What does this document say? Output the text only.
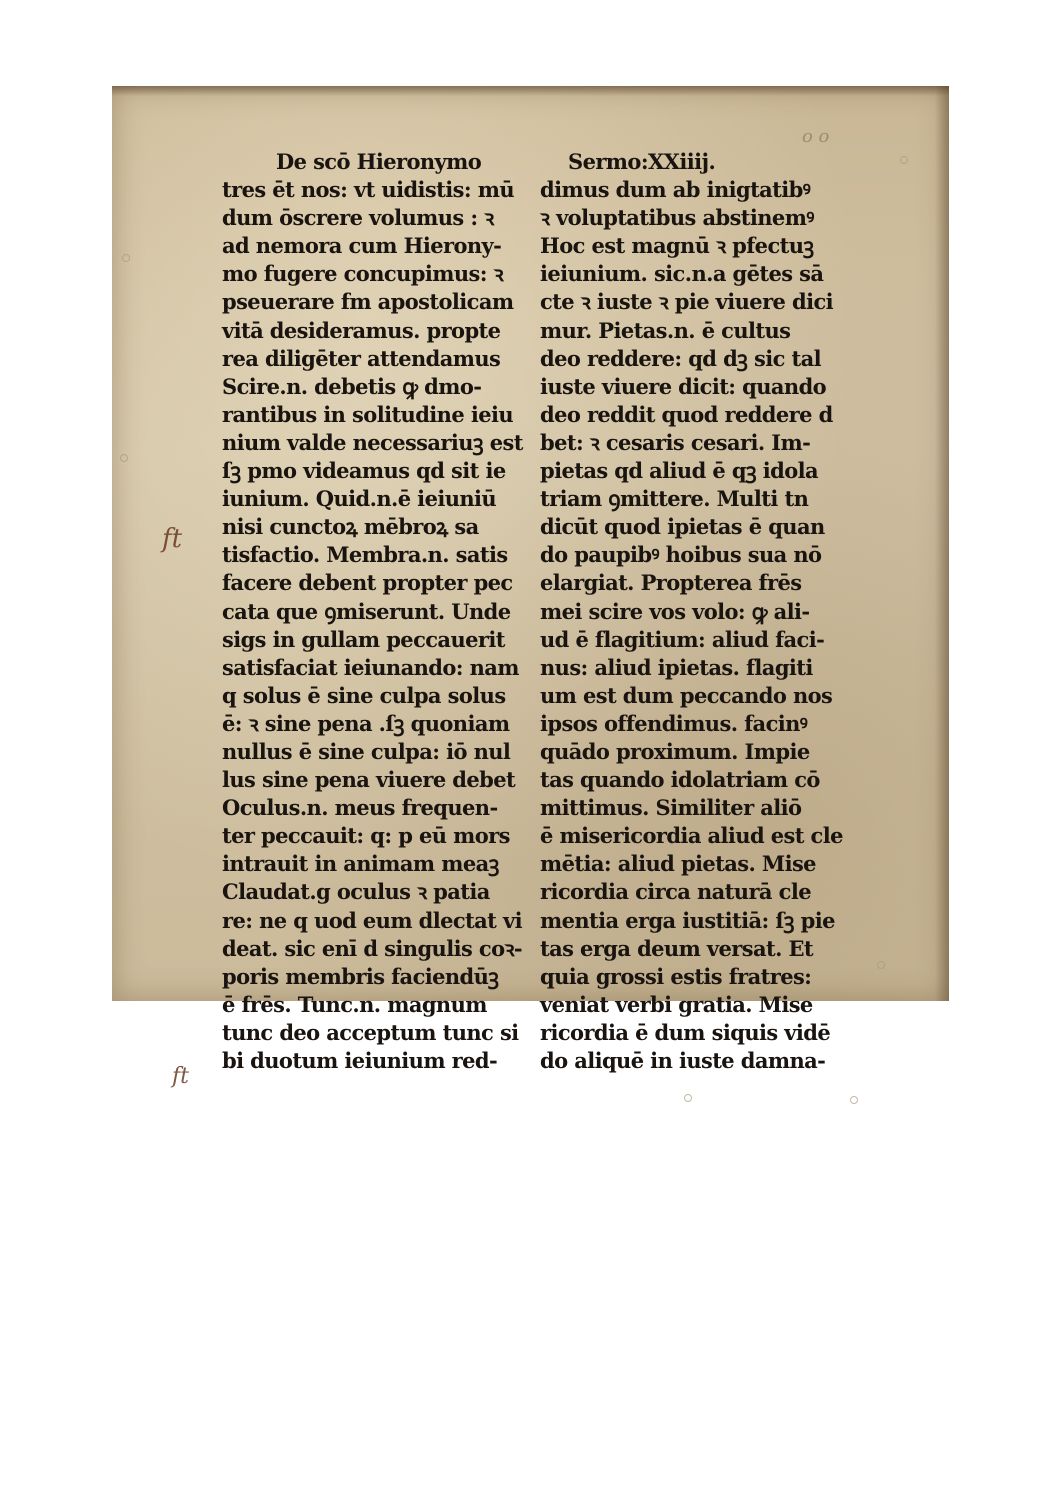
De scō Hieronymo
tres ēt nos: vt uidistis: mū
dum ōscrere volumus : ꝛ
ad nemora cum Hierony-
mo fugere concupimus: ꝛ
pseuerare fm apostolicam
vitā desideramus. propte
rea diligēter attendamus
Scire.n. debetis ꝙ dmo-
rantibus in solitudine ieiu
nium valde necessariuꝫ est
ſꝫ pmo videamus qd sit ie
iunium. Quid.n.ē ieiuniū
nisi cunctoꝝ mēbroꝝ sa
tisfactio. Membra.n. satis
facere debent propter pec
cata que ꝯmiserunt. Unde
sigs in gullam peccauerit
satisfaciat ieiunando: nam
q solus ē sine culpa solus
ē: ꝛ sine pena .ſꝫ quoniam
nullus ē sine culpa: iō nul
lus sine pena viuere debet
Oculus.n. meus frequen-
ter peccauit: q: p eū mors
intrauit in animam meaꝫ
Claudat.g oculus ꝛ patia
re: ne q uod eum dlectat vi
deat. sic enī d singulis coꝛ-
poris membris faciendūꝫ
ē frēs. Tunc.n. magnum
tunc deo acceptum tunc si
bi duotum ieiunium red-
Sermo:XXiiij.
dimus dum ab inigtatibꝰ
ꝛ voluptatibus abstinemꝰ
Hoc est magnū ꝛ pfectuꝫ
ieiunium. sic.n.a gētes sā
cte ꝛ iuste ꝛ pie viuere dici
mur. Pietas.n. ē cultus
deo reddere: qd dꝫ sic tal
iuste viuere dicit: quando
deo reddit quod reddere d
bet: ꝛ cesaris cesari. Im-
pietas qd aliud ē qꝫ idola
triam ꝯmittere. Multi tn
dicūt quod ipietas ē quan
do paupibꝰ hoibus sua nō
elargiat. Propterea frēs
mei scire vos volo: ꝙ ali-
ud ē flagitium: aliud faci-
nus: aliud ipietas. flagiti
um est dum peccando nos
ipsos offendimus. facinꝰ
quādo proximum. Impie
tas quando idolatriam cō
mittimus. Similiter aliō
ē misericordia aliud est cle
mētia: aliud pietas. Mise
ricordia circa naturā cle
mentia erga iustitiā: ſꝫ pie
tas erga deum versat. Et
quia grossi estis fratres:
veniat verbi gratia. Mise
ricordia ē dum siquis vidē
do aliquē in iuste damna-
ft
ft
o o
